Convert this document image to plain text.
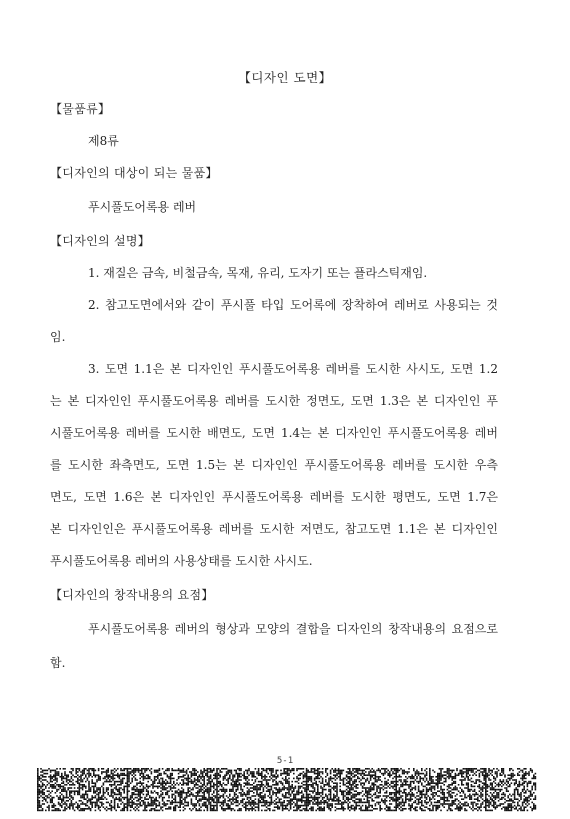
【디자인 도면】
【물품류】
제8류
【디자인의 대상이 되는 물품】
푸시풀도어록용 레버
【디자인의 설명】
1. 재질은 금속, 비철금속, 목재, 유리, 도자기 또는 플라스틱재임.
2. 참고도면에서와 같이 푸시풀 타입 도어록에 장착하여 레버로 사용되는 것
임.
3. 도면 1.1은 본 디자인인 푸시풀도어록용 레버를 도시한 사시도, 도면 1.2
는 본 디자인인 푸시풀도어록용 레버를 도시한 정면도, 도면 1.3은 본 디자인인 푸
시풀도어록용 레버를 도시한 배면도, 도면 1.4는 본 디자인인 푸시풀도어록용 레버
를 도시한 좌측면도, 도면 1.5는 본 디자인인 푸시풀도어록용 레버를 도시한 우측
면도, 도면 1.6은 본 디자인인 푸시풀도어록용 레버를 도시한 평면도, 도면 1.7은
본 디자인인은 푸시풀도어록용 레버를 도시한 저면도, 참고도면 1.1은 본 디자인인
푸시풀도어록용 레버의 사용상태를 도시한 사시도.
【디자인의 창작내용의 요점】
푸시풀도어록용 레버의 형상과 모양의 결합을 디자인의 창작내용의 요점으로
함.
5-1
